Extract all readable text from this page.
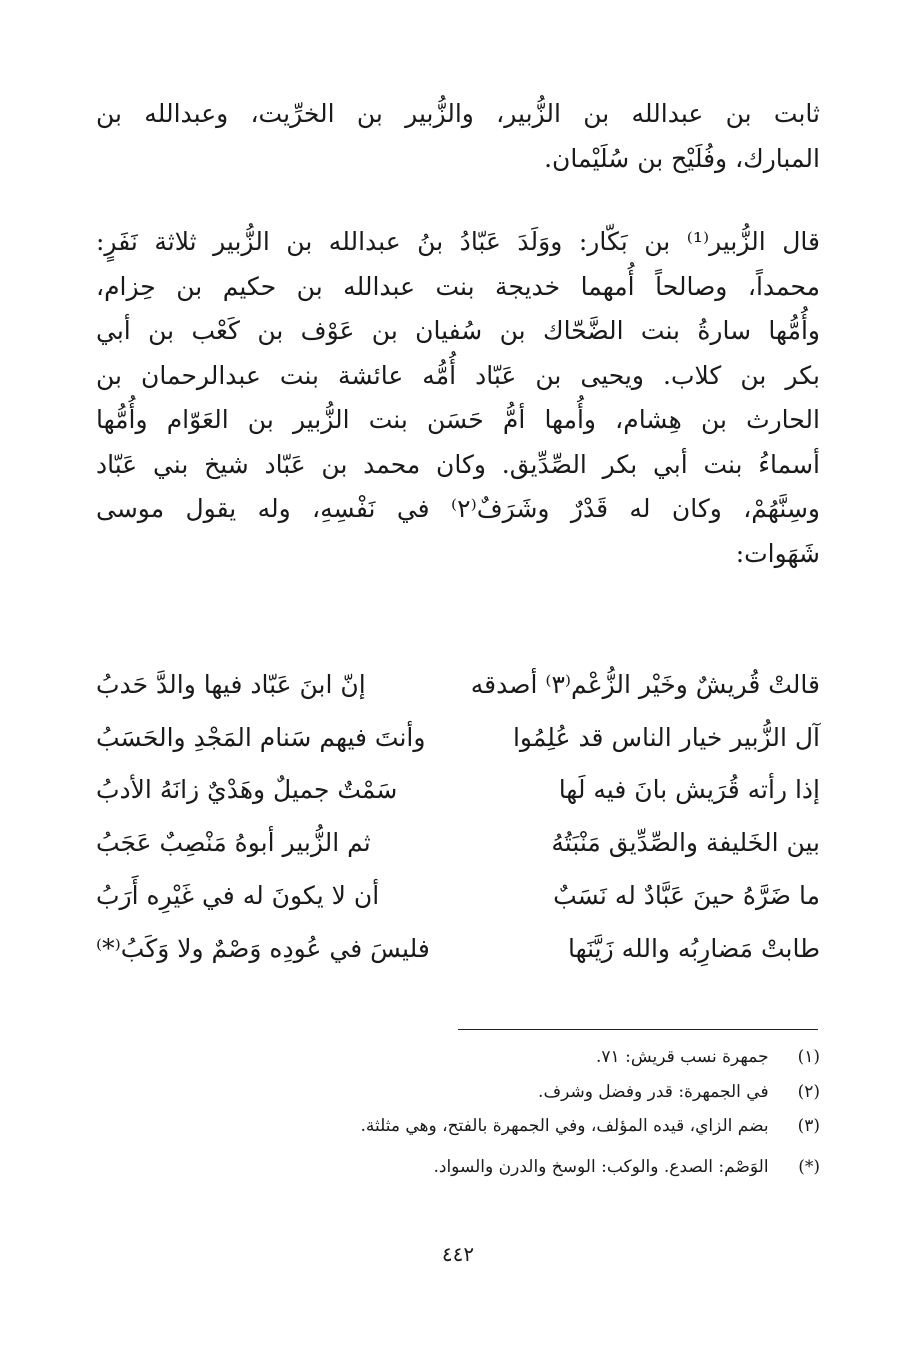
ثابت بن عبدالله بن الزُّبير، والزُّبير بن الخرِّيت، وعبدالله بن
المبارك، وفُلَيْح بن سُلَيْمان.
قال الزُّبير⁽¹⁾ بن بَكّار: ووَلَدَ عَبّادُ بنُ عبدالله بن الزُّبير ثلاثة نَفَرٍ:
محمداً، وصالحاً أُمهما خديجة بنت عبدالله بن حكيم بن حِزام،
وأُمُّها سارةُ بنت الضَّحّاك بن سُفيان بن عَوْف بن كَعْب بن أبي
بكر بن كلاب. ويحيى بن عَبّاد أُمُّه عائشة بنت عبدالرحمان بن
الحارث بن هِشام، وأُمها أمُّ حَسَن بنت الزُّبير بن العَوّام وأُمُّها
أسماءُ بنت أبي بكر الصِّدِّيق. وكان محمد بن عَبّاد شيخ بني عَبّاد
وسِنَّهُمْ، وكان له قَدْرٌ وشَرَفٌ⁽٢⁾ في نَفْسِهِ، وله يقول موسى
شَهَوات:
قالتْ قُريشٌ وخَيْر الزُّعْم⁽٣⁾ أصدقه
إنّ ابنَ عَبّاد فيها والدَّ حَدبُ
آل الزُّبير خيار الناس قد عُلِمُوا
وأنتَ فيهم سَنام المَجْدِ والحَسَبُ
إذا رأته قُرَيش بانَ فيه لَها
سَمْتٌ جميلٌ وهَدْيٌ زانَهُ الأدبُ
بين الخَليفة والصِّدِّيق مَنْبَتُهُ
ثم الزُّبير أبوهُ مَنْصِبٌ عَجَبُ
ما ضَرَّهُ حينَ عَبَّادٌ له نَسَبٌ
أن لا يكونَ له في غَيْرِه أَرَبُ
طابتْ مَضارِبُه والله زَيَّنَها
فليسَ في عُودِه وَصْمٌ ولا وَكَبُ⁽*⁾
(١) جمهرة نسب قريش: ٧١.
(٢) في الجمهرة: قدر وفضل وشرف.
(٣) بضم الزاي، قيده المؤلف، وفي الجمهرة بالفتح، وهي مثلثة.
(*) الوَصْم: الصدع. والوكب: الوسخ والدرن والسواد.
٤٤٢
